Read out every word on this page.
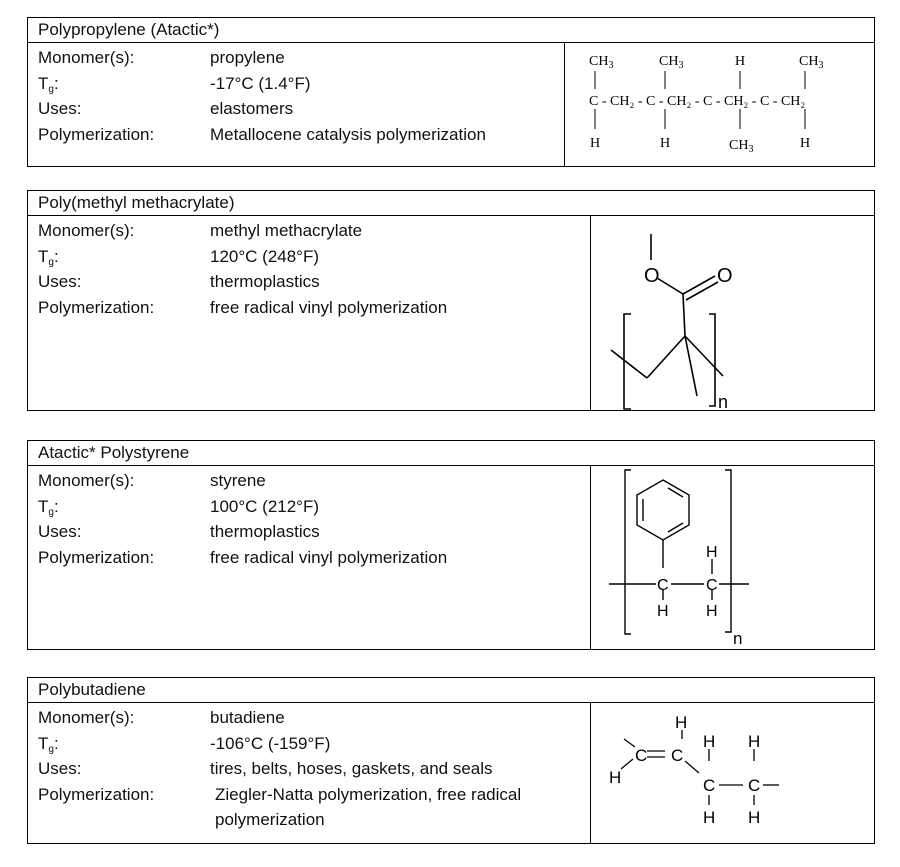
Polypropylene (Atactic*)
Monomer(s):	propylene
$T_g$:	-17°C (1.4°F)
Uses:	elastomers
Polymerization:	Metallocene catalysis polymerization
$CH_3$	$CH_3$	H	$CH_3$
C - CH₂ - C - CH₂ - C - CH₂ - C - CH₂
H	H	$CH_3$	H
Poly(methyl methacrylate)
Monomer(s):	methyl methacrylate
$T_g$:	120°C (248°F)
Uses:	thermoplastics
Polymerization:	free radical vinyl polymerization
O	O
n
Atactic* Polystyrene
Monomer(s):	styrene
$T_g$:	100°C (212°F)
Uses:	thermoplastics
Polymerization:	free radical vinyl polymerization
C C
H
H H
n
Polybutadiene
Monomer(s):	butadiene
$T_g$:	-106°C (-159°F)
Uses:	tires, belts, hoses, gaskets, and seals
Polymerization:	Ziegler-Natta polymerization, free radical
polymerization
C C
C C
H
H H
H
H H
